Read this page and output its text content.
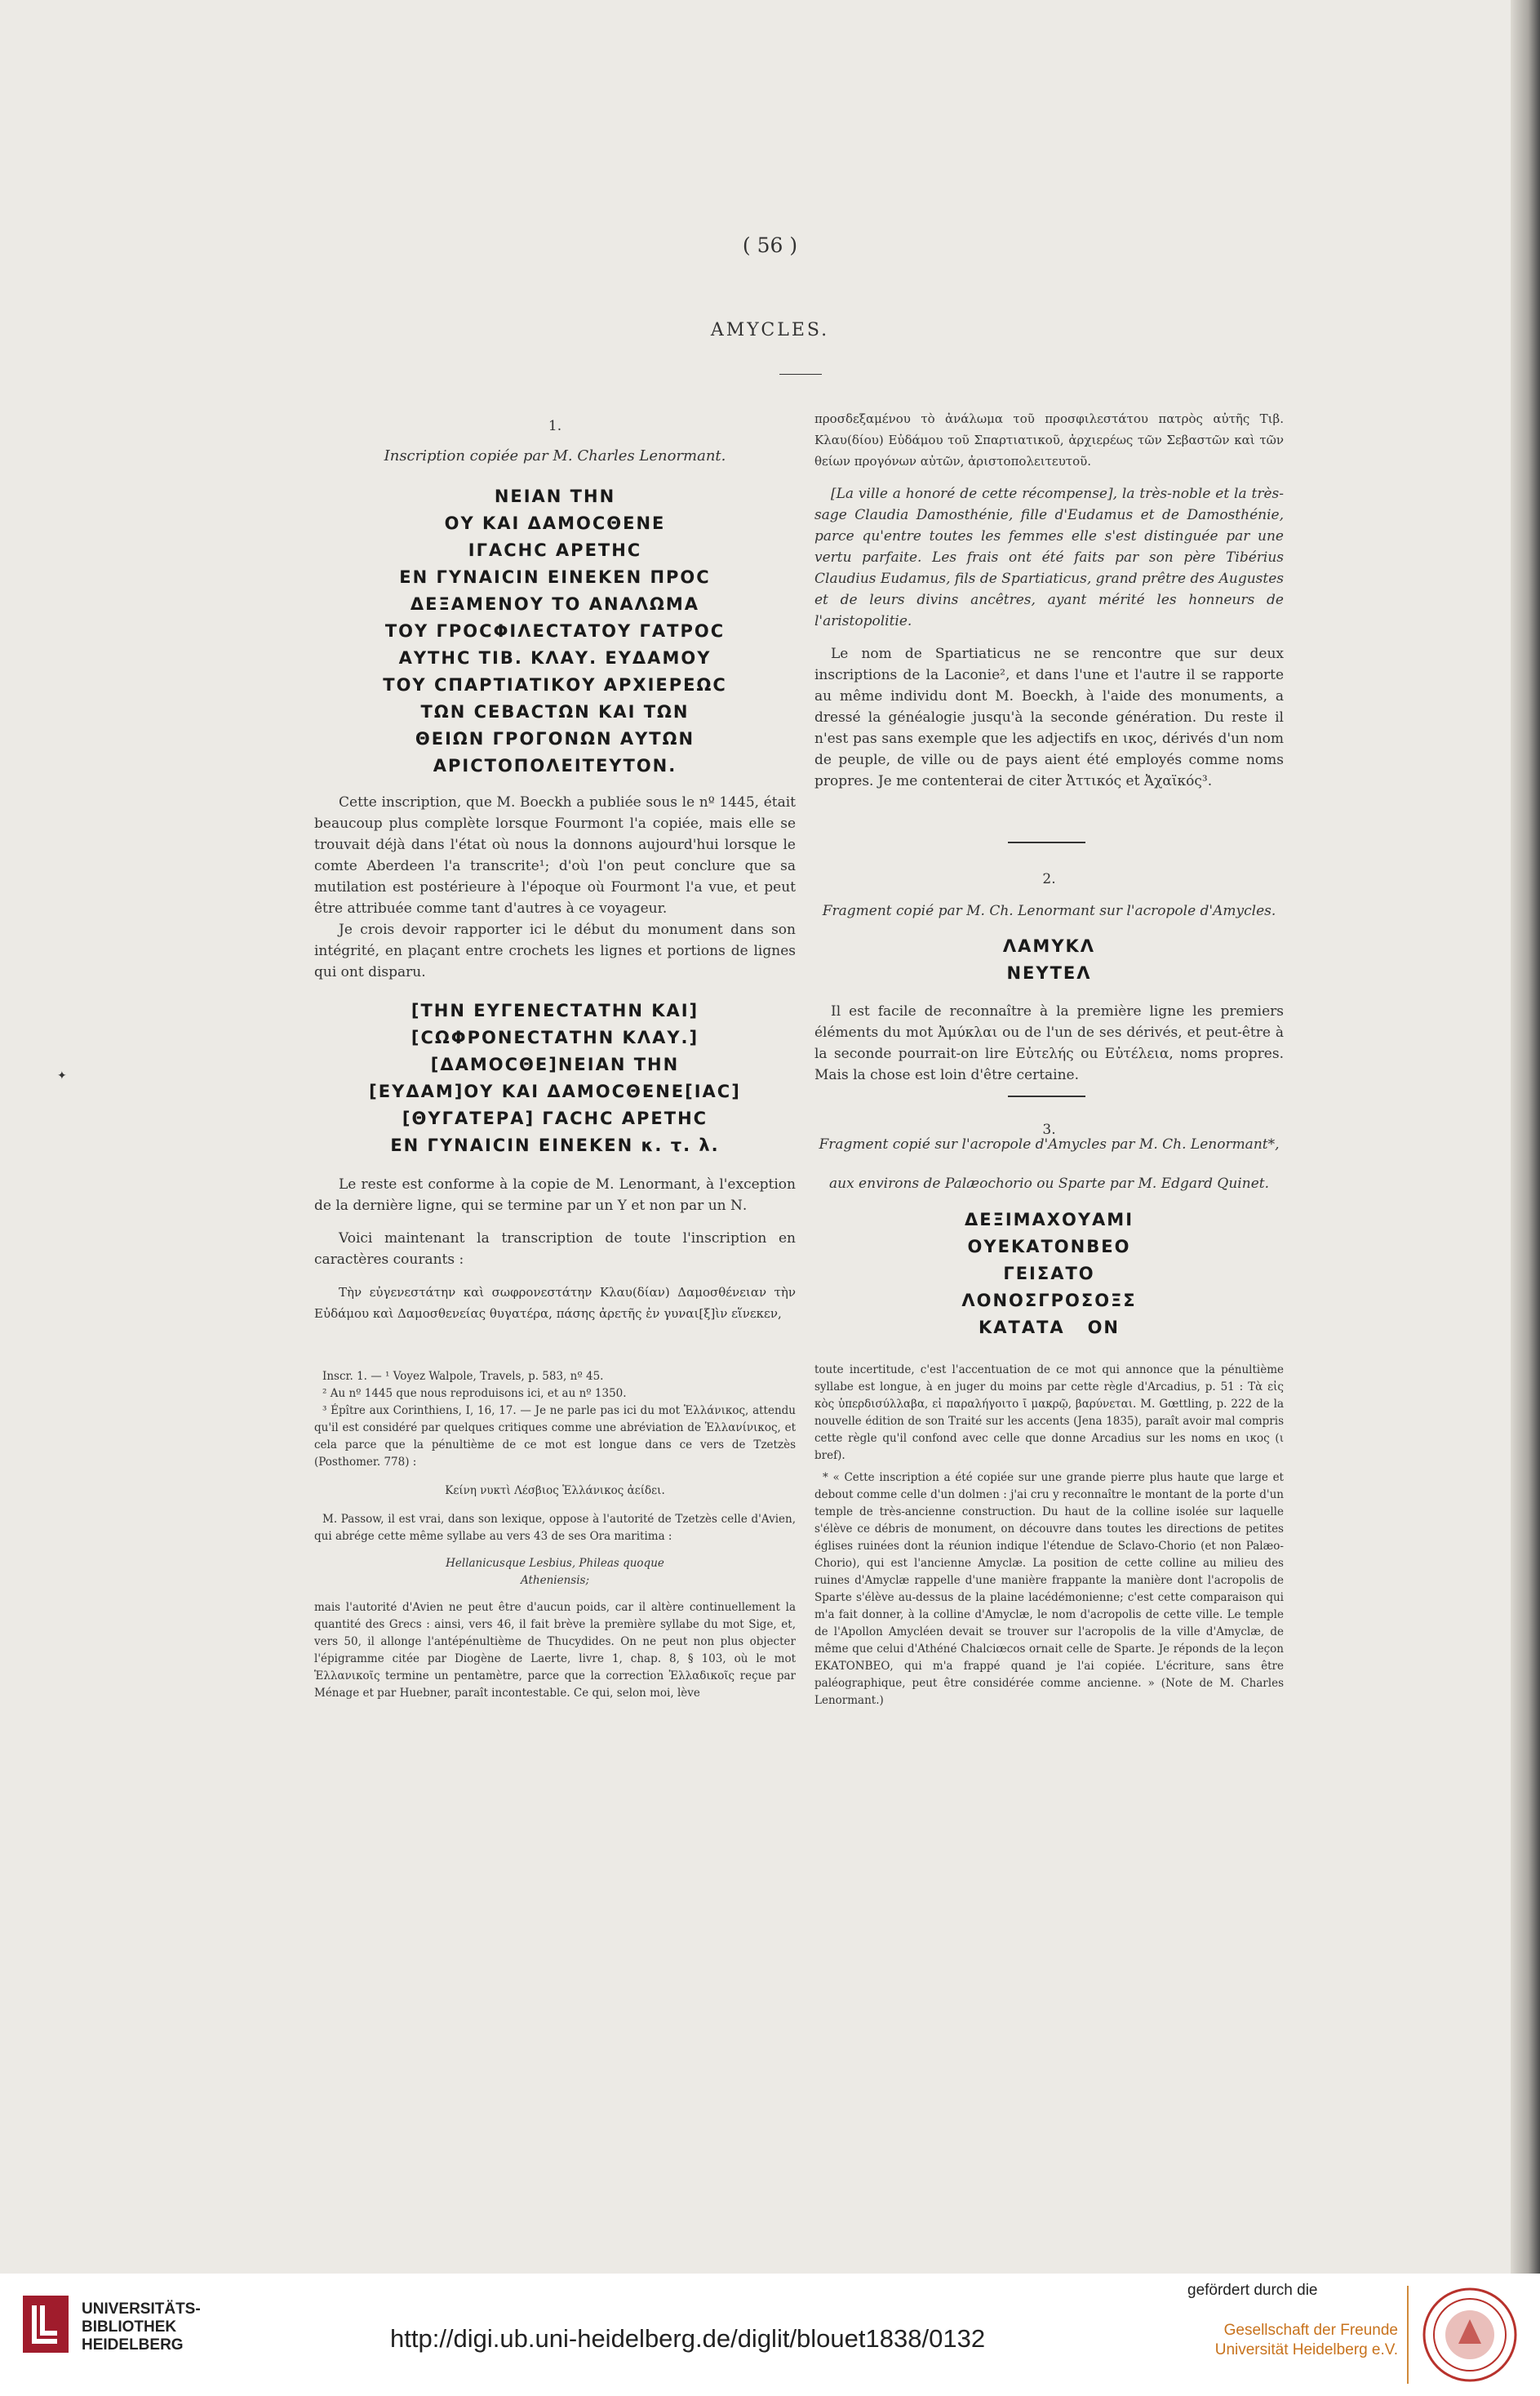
( 56 )
AMYCLES.
1.
Inscription copiée par M. Charles Lenormant.
ΝΕΙΑΝ ΤΗΝ
ΟΥ ΚΑΙ ΔΑΜΟϹΘΕΝΕ
ΙΓΑϹΗϹ ΑΡΕΤΗϹ
ΕΝ ΓΥΝΑΙϹΙΝ ΕΙΝΕΚΕΝ ΠΡΟϹ
ΔΕΞΑΜΕΝΟΥ ΤΟ ΑΝΑΛΩΜΑ
ΤΟΥ ΓΡΟϹΦΙΛΕϹΤΑΤΟΥ ΓΑΤΡΟϹ
ΑΥΤΗϹ ΤΙΒ. ΚΛΑΥ. ΕΥΔΑΜΟΥ
ΤΟΥ ϹΠΑΡΤΙΑΤΙΚΟΥ ΑΡΧΙΕΡΕΩϹ
ΤΩΝ ϹΕΒΑϹΤΩΝ ΚΑΙ ΤΩΝ
ΘΕΙΩΝ ΓΡΟΓΟΝΩΝ ΑΥΤΩΝ
ΑΡΙϹΤΟΠΟΛΕΙΤΕΥΤΟΝ.

Cette inscription, que M. Boeckh a publiée sous le nº 1445, était beaucoup plus complète lorsque Fourmont l'a copiée, mais elle se trouvait déjà dans l'état où nous la donnons aujourd'hui lorsque le comte Aberdeen l'a transcrite¹; d'où l'on peut conclure que sa mutilation est postérieure à l'époque où Fourmont l'a vue, et peut être attribuée comme tant d'autres à ce voyageur.

Je crois devoir rapporter ici le début du monument dans son intégrité, en plaçant entre crochets les lignes et portions de lignes qui ont disparu.

[ΤΗΝ ΕΥΓΕΝΕϹΤΑΤΗΝ ΚΑΙ]
[ϹΩΦΡΟΝΕϹΤΑΤΗΝ ΚΛΑΥ.]
[ΔΑΜΟϹΘΕ]ΝΕΙΑΝ ΤΗΝ
[ΕΥΔΑΜ]ΟΥ ΚΑΙ ΔΑΜΟϹΘΕΝΕ[ΙΑϹ]
[ΘΥΓΑΤΕΡΑ] ΓΑϹΗϹ ΑΡΕΤΗϹ
ΕΝ ΓΥΝΑΙϹΙΝ ΕΙΝΕΚΕΝ κ. τ. λ.

Le reste est conforme à la copie de M. Lenormant, à l'exception de la dernière ligne, qui se termine par un Υ et non par un Ν.

Voici maintenant la transcription de toute l'inscription en caractères courants :

Τὴν εὐγενεστάτην καὶ σωφρονεστάτην Κλαυ(δίαν) Δαμοσθένειαν τὴν Εὐδάμου καὶ Δαμοσθενείας θυγατέρα, πάσης ἀρετῆς ἐν γυναι[ξ]ὶν εἵνεκεν,

Inscr. 1. — ¹ Voyez Walpole, Travels, p. 583, nº 45.

² Au nº 1445 que nous reproduisons ici, et au nº 1350.

³ Épître aux Corinthiens, I, 16, 17. — Je ne parle pas ici du mot Ἑλλάνικος, attendu qu'il est considéré par quelques critiques comme une abréviation de Ἑλλανίνικος, et cela parce que la pénultième de ce mot est longue dans ce vers de Tzetzès (Posthomer. 778) :

Κείνη νυκτὶ Λέσβιος Ἑλλάνικος ἀείδει.

M. Passow, il est vrai, dans son lexique, oppose à l'autorité de Tzetzès celle d'Avien, qui abrége cette même syllabe au vers 43 de ses Ora maritima :

Hellanicusque Lesbius, Phileas quoque

Atheniensis;

mais l'autorité d'Avien ne peut être d'aucun poids, car il altère continuellement la quantité des Grecs : ainsi, vers 46, il fait brève la première syllabe du mot Sige, et, vers 50, il allonge l'antépénultième de Thucydides. On ne peut non plus objecter l'épigramme citée par Diogène de Laerte, livre 1, chap. 8, § 103, où le mot Ἑλλανικοῖς termine un pentamètre, parce que la correction Ἑλλαδικοῖς reçue par Ménage et par Huebner, paraît incontestable. Ce qui, selon moi, lève

προσδεξαμένου τὸ ἀνάλωμα τοῦ προσφιλεστάτου πατρὸς αὐτῆς Τιβ. Κλαυ(δίου) Εὐδάμου τοῦ Σπαρτιατικοῦ, ἀρχιερέως τῶν Σεβαστῶν καὶ τῶν θείων προγόνων αὐτῶν, ἀριστοπολειτευτοῦ.

[La ville a honoré de cette récompense], la très-noble et la très-sage Claudia Damosthénie, fille d'Eudamus et de Damosthénie, parce qu'entre toutes les femmes elle s'est distinguée par une vertu parfaite. Les frais ont été faits par son père Tibérius Claudius Eudamus, fils de Spartiaticus, grand prêtre des Augustes et de leurs divins ancêtres, ayant mérité les honneurs de l'aristopolitie.

Le nom de Spartiaticus ne se rencontre que sur deux inscriptions de la Laconie², et dans l'une et l'autre il se rapporte au même individu dont M. Boeckh, à l'aide des monuments, a dressé la généalogie jusqu'à la seconde génération. Du reste il n'est pas sans exemple que les adjectifs en ικος, dérivés d'un nom de peuple, de ville ou de pays aient été employés comme noms propres. Je me contenterai de citer Ἀττικός et Ἀχαϊκός³.

2.
Fragment copié par M. Ch. Lenormant sur l'acropole d'Amycles.
ΛΑΜΥΚΛ
ΝΕΥΤΕΛ

Il est facile de reconnaître à la première ligne les premiers éléments du mot Ἀμύκλαι ou de l'un de ses dérivés, et peut-être à la seconde pourrait-on lire Εὐτελής ou Εὐτέλεια, noms propres. Mais la chose est loin d'être certaine.

3.
Fragment copié sur l'acropole d'Amycles par M. Ch. Lenormant*,
aux environs de Palæochorio ou Sparte par M. Edgard Quinet.
ΔΕΞΙΜΑΧΟΥΑΜΙ
ΟΥΕΚΑΤΟΝΒΕΟ
ΓΕΙΣΑΤΟ
ΛΟΝΟΣΓΡΟΣΟΞΣ
ΚΑΤΑΤΑ   ΟΝ

toute incertitude, c'est l'accentuation de ce mot qui annonce que la pénultième syllabe est longue, à en juger du moins par cette règle d'Arcadius, p. 51 : Τὰ εἰς κὸς ὑπερδισύλλαβα, εἰ παραλήγοιτο ῑ μακρῷ, βαρύνεται. M. Gœttling, p. 222 de la nouvelle édition de son Traité sur les accents (Jena 1835), paraît avoir mal compris cette règle qu'il confond avec celle que donne Arcadius sur les noms en ικος (ι bref).

* « Cette inscription a été copiée sur une grande pierre plus haute que large et debout comme celle d'un dolmen : j'ai cru y reconnaître le montant de la porte d'un temple de très-ancienne construction. Du haut de la colline isolée sur laquelle s'élève ce débris de monument, on découvre dans toutes les directions de petites églises ruinées dont la réunion indique l'étendue de Sclavo-Chorio (et non Palæo-Chorio), qui est l'ancienne Amyclæ. La position de cette colline au milieu des ruines d'Amyclæ rappelle d'une manière frappante la manière dont l'acropolis de Sparte s'élève au-dessus de la plaine lacédémonienne; c'est cette comparaison qui m'a fait donner, à la colline d'Amyclæ, le nom d'acropolis de cette ville. Le temple de l'Apollon Amycléen devait se trouver sur l'acropolis de la ville d'Amyclæ, de même que celui d'Athéné Chalciœcos ornait celle de Sparte. Je réponds de la leçon ΕΚΑΤΟΝΒΕΟ, qui m'a frappé quand je l'ai copiée. L'écriture, sans être paléographique, peut être considérée comme ancienne. » (Note de M. Charles Lenormant.)

✦
UNIVERSITÄTS-
BIBLIOTHEK
HEIDELBERG	http://digi.ub.uni-heidelberg.de/diglit/blouet1838/0132
gefördert durch die
Gesellschaft der Freunde
Universität Heidelberg e.V.
